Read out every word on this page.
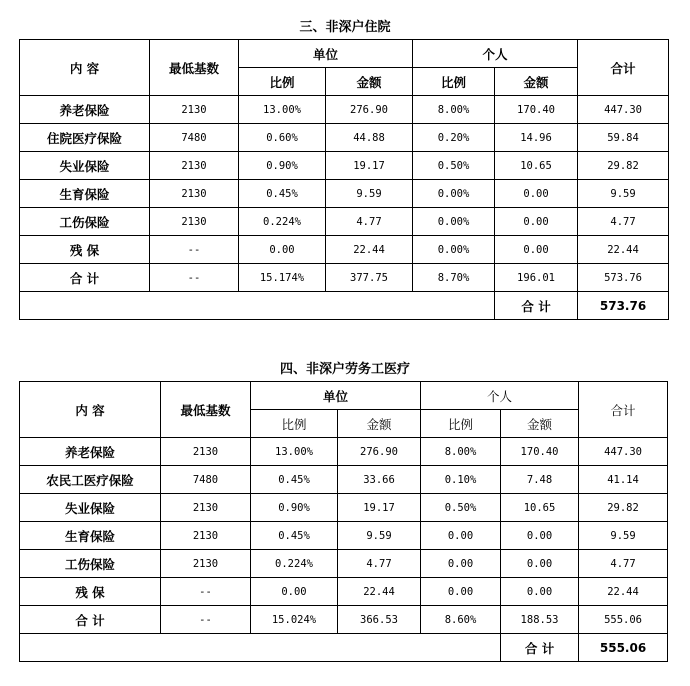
三、非深户住院
内 容	最低基数	单位		个人		合计
		比例	金额	比例	金额	
养老保险	2130	13.00%	276.90	8.00%	170.40	447.30
住院医疗保险	7480	0.60%	44.88	0.20%	14.96	59.84
失业保险	2130	0.90%	19.17	0.50%	10.65	29.82
生育保险	2130	0.45%	9.59	0.00%	0.00	9.59
工伤保险	2130	0.224%	4.77	0.00%	0.00	4.77
残 保	--	0.00	22.44	0.00%	0.00	22.44
合 计	--	15.174%	377.75	8.70%	196.01	573.76
					合 计	573.76
四、非深户劳务工医疗
内 容	最低基数	单位		个人		合计
		比例	金额	比例	金额	
养老保险	2130	13.00%	276.90	8.00%	170.40	447.30
农民工医疗保险	7480	0.45%	33.66	0.10%	7.48	41.14
失业保险	2130	0.90%	19.17	0.50%	10.65	29.82
生育保险	2130	0.45%	9.59	0.00	0.00	9.59
工伤保险	2130	0.224%	4.77	0.00	0.00	4.77
残 保	--	0.00	22.44	0.00	0.00	22.44
合 计	--	15.024%	366.53	8.60%	188.53	555.06
					合 计	555.06
